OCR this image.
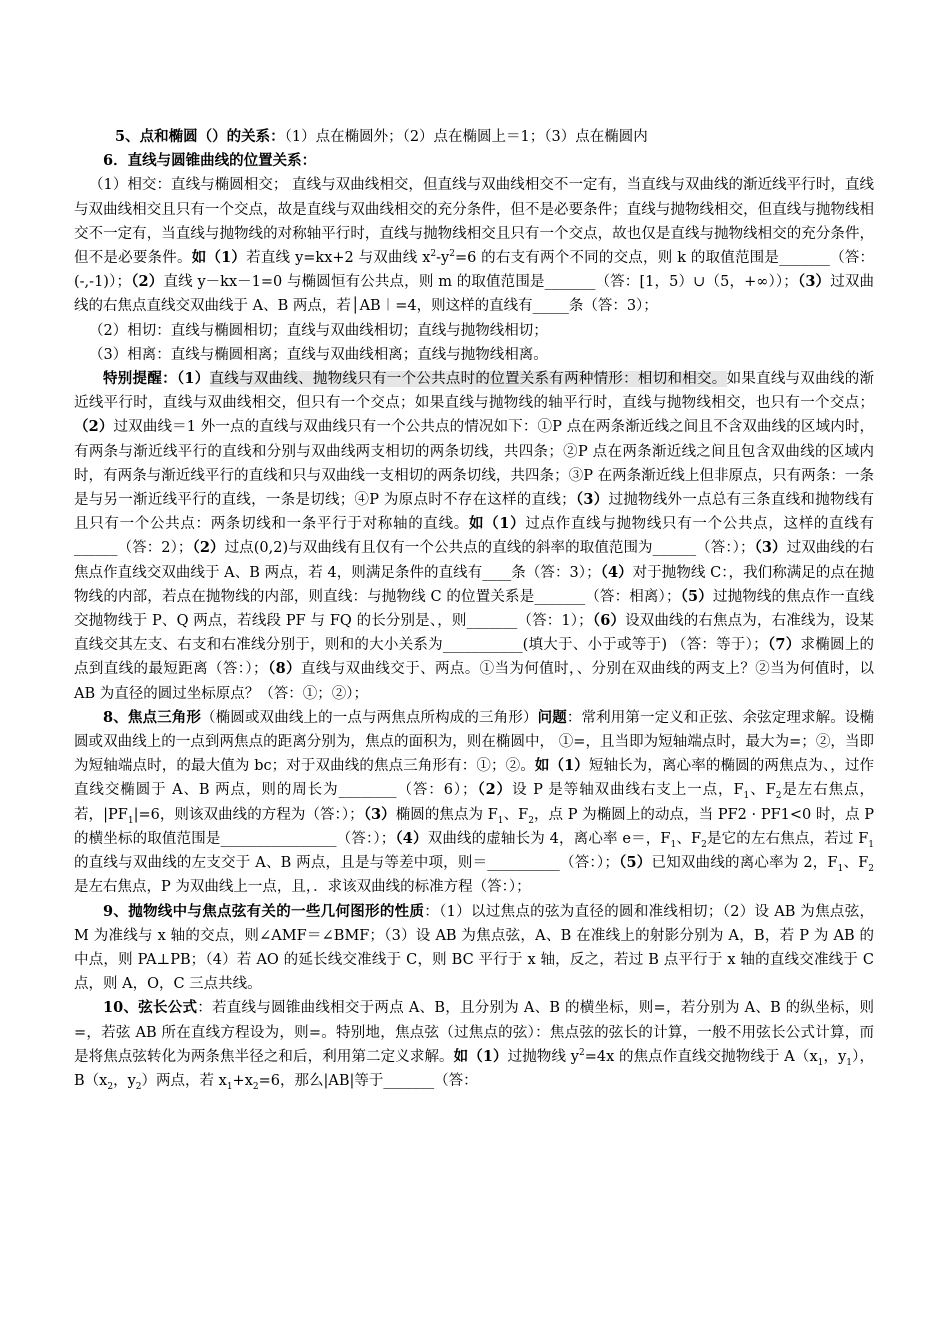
5、点和椭圆（）的关系：（1）点在椭圆外；（2）点在椭圆上＝1；（3）点在椭圆内

6．直线与圆锥曲线的位置关系：

（1）相交：直线与椭圆相交； 直线与双曲线相交，但直线与双曲线相交不一定有，当直线与双曲线的渐近线平行时，直线与双曲线相交且只有一个交点，故是直线与双曲线相交的充分条件，但不是必要条件；直线与抛物线相交，但直线与抛物线相交不一定有，当直线与抛物线的对称轴平行时，直线与抛物线相交且只有一个交点，故也仅是直线与抛物线相交的充分条件，但不是必要条件。如（1）若直线 y=kx+2 与双曲线 $x^2-y^2=6$ 的右支有两个不同的交点，则 k 的取值范围是_______（答：(-,-1)）；（2）直线 y－kx－1=0 与椭圆恒有公共点，则 m 的取值范围是_______（答：[1，5）∪（5，+∞））；（3）过双曲线的右焦点直线交双曲线于 A、B 两点，若│AB︱=4，则这样的直线有_____条（答：3）；

（2）相切：直线与椭圆相切；直线与双曲线相切；直线与抛物线相切；

（3）相离：直线与椭圆相离；直线与双曲线相离；直线与抛物线相离。

特别提醒：（1）直线与双曲线、抛物线只有一个公共点时的位置关系有两种情形：相切和相交。如果直线与双曲线的渐近线平行时，直线与双曲线相交，但只有一个交点；如果直线与抛物线的轴平行时，直线与抛物线相交，也只有一个交点；（2）过双曲线＝1 外一点的直线与双曲线只有一个公共点的情况如下：①P 点在两条渐近线之间且不含双曲线的区域内时，有两条与渐近线平行的直线和分别与双曲线两支相切的两条切线，共四条；②P 点在两条渐近线之间且包含双曲线的区域内时，有两条与渐近线平行的直线和只与双曲线一支相切的两条切线，共四条；③P 在两条渐近线上但非原点，只有两条：一条是与另一渐近线平行的直线，一条是切线；④P 为原点时不存在这样的直线；（3）过抛物线外一点总有三条直线和抛物线有且只有一个公共点：两条切线和一条平行于对称轴的直线。如（1）过点作直线与抛物线只有一个公共点，这样的直线有______（答：2）；（2）过点(0,2)与双曲线有且仅有一个公共点的直线的斜率的取值范围为______（答：）；（3）过双曲线的右焦点作直线交双曲线于 A、B 两点，若 4，则满足条件的直线有____条（答：3）；（4）对于抛物线 C：，我们称满足的点在抛物线的内部，若点在抛物线的内部，则直线：与抛物线 C 的位置关系是_______（答：相离）；（5）过抛物线的焦点作一直线交抛物线于 P、Q 两点，若线段 PF 与 FQ 的长分别是、，则_______（答：1）；（6）设双曲线的右焦点为，右准线为，设某直线交其左支、右支和右准线分别于，则和的大小关系为___________(填大于、小于或等于) （答：等于）；（7）求椭圆上的点到直线的最短距离（答：）；（8）直线与双曲线交于、两点。①当为何值时，、分别在双曲线的两支上？②当为何值时，以 AB 为直径的圆过坐标原点？（答：①；②）；

8、焦点三角形（椭圆或双曲线上的一点与两焦点所构成的三角形）问题：常利用第一定义和正弦、余弦定理求解。设椭圆或双曲线上的一点到两焦点的距离分别为，焦点的面积为，则在椭圆中， ①=，且当即为短轴端点时，最大为=；②，当即为短轴端点时，的最大值为 bc；对于双曲线的焦点三角形有：①；②。如（1）短轴长为，离心率的椭圆的两焦点为、，过作直线交椭圆于 A、B 两点，则的周长为________（答：6）；（2）设 P 是等轴双曲线右支上一点，$F_1$、$F_2$是左右焦点，若，$|PF_1|=6$，则该双曲线的方程为（答：）；（3）椭圆的焦点为 $F_1$、$F_2$，点 P 为椭圆上的动点，当 PF2 · PF1<0 时，点 P 的横坐标的取值范围是________________（答：）；（4）双曲线的虚轴长为 4，离心率 e＝，$F_1$、$F_2$是它的左右焦点，若过 $F_1$的直线与双曲线的左支交于 A、B 两点，且是与等差中项，则＝__________（答：）；（5）已知双曲线的离心率为 2，$F_1$、$F_2$是左右焦点，P 为双曲线上一点，且，．求该双曲线的标准方程（答：）；

9、抛物线中与焦点弦有关的一些几何图形的性质：（1）以过焦点的弦为直径的圆和准线相切；（2）设 AB 为焦点弦， M 为准线与 x 轴的交点，则∠AMF＝∠BMF；（3）设 AB 为焦点弦，A、B 在准线上的射影分别为 A，B，若 P 为 AB 的中点，则 PA⊥PB；（4）若 AO 的延长线交准线于 C，则 BC 平行于 x 轴，反之，若过 B 点平行于 x 轴的直线交准线于 C 点，则 A，O，C 三点共线。

10、弦长公式：若直线与圆锥曲线相交于两点 A、B，且分别为 A、B 的横坐标，则=，若分别为 A、B 的纵坐标，则=，若弦 AB 所在直线方程设为，则=。特别地，焦点弦（过焦点的弦）：焦点弦的弦长的计算，一般不用弦长公式计算，而是将焦点弦转化为两条焦半径之和后，利用第二定义求解。如（1）过抛物线 $y^2=4x$ 的焦点作直线交抛物线于 $A(x_1$，$y_1$），$B(x_2$，$y_2$）两点，若 $x_1+x_2=6$，那么|AB|等于_______（答：
